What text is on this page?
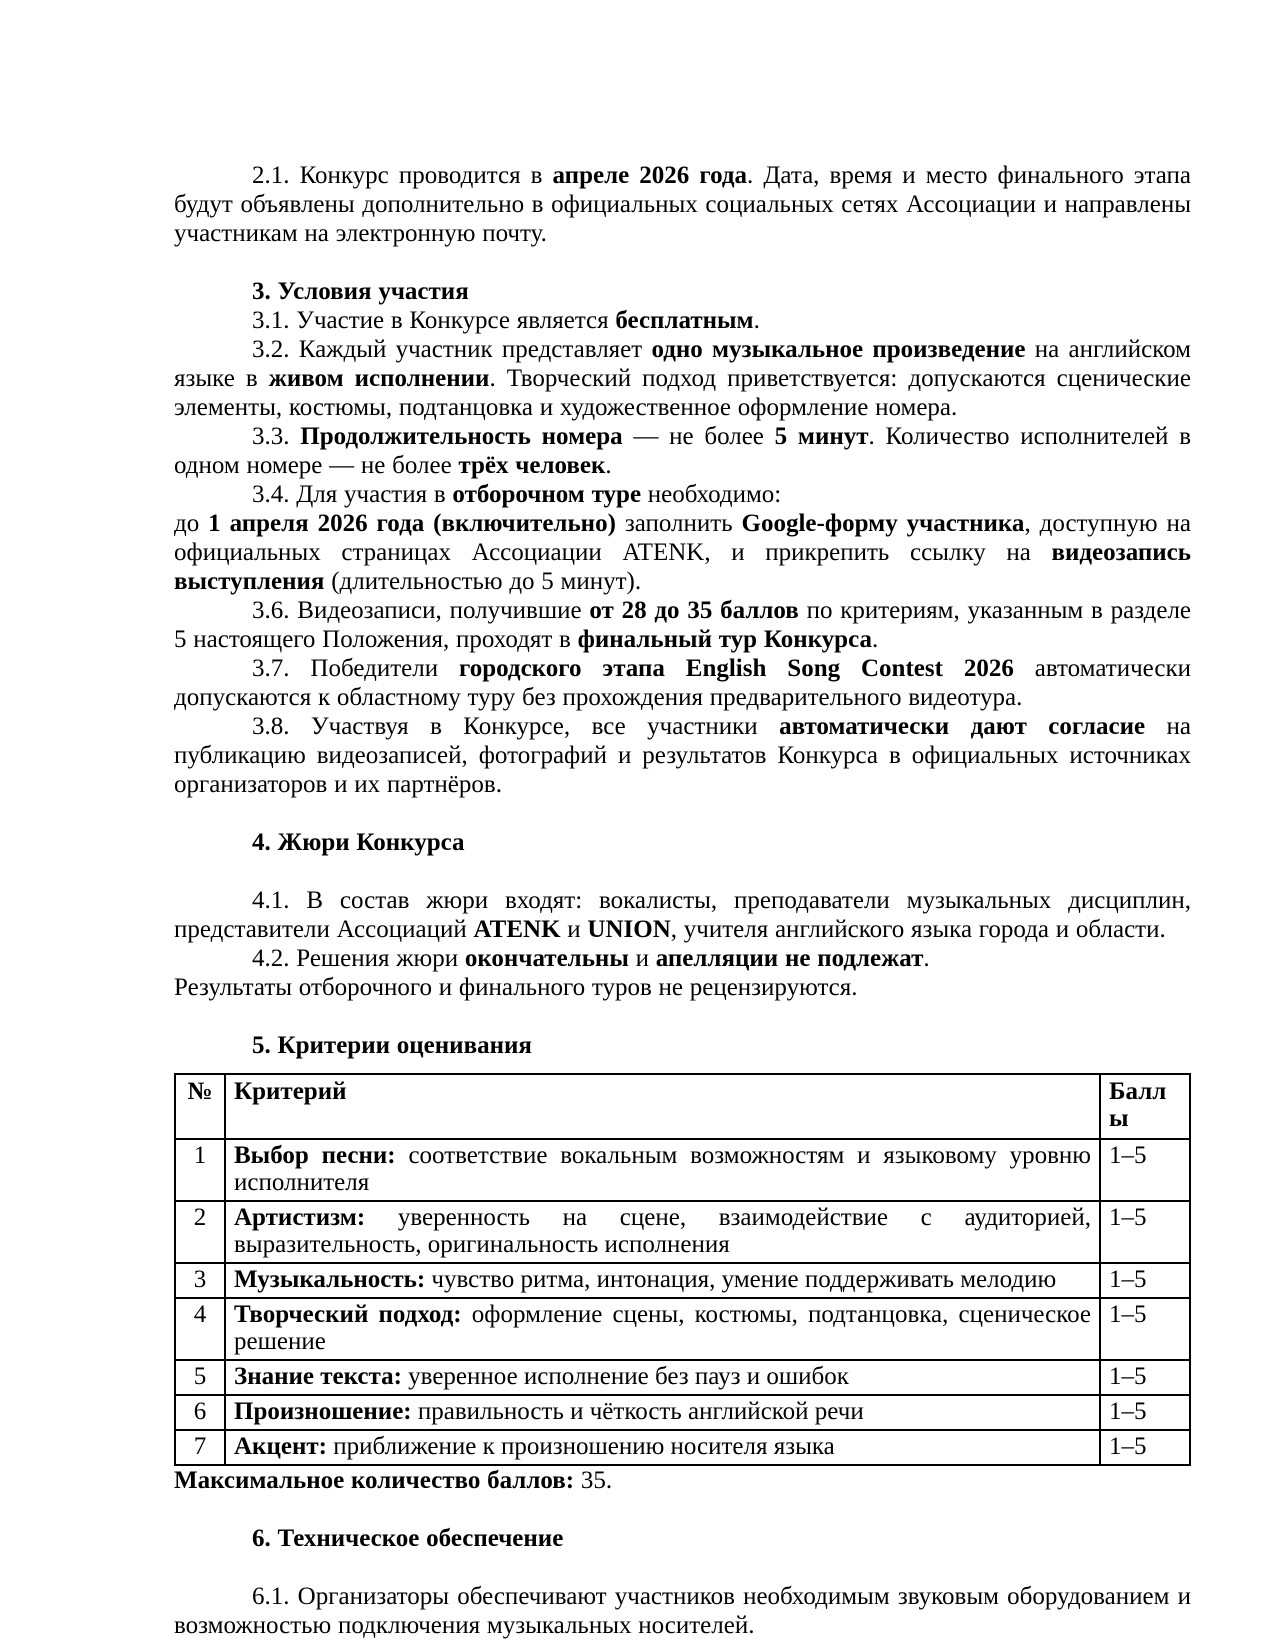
2.1. Конкурс проводится в апреле 2026 года. Дата, время и место финального этапа будут объявлены дополнительно в официальных социальных сетях Ассоциации и направлены участникам на электронную почту.

3. Условия участия

3.1. Участие в Конкурсе является бесплатным.

3.2. Каждый участник представляет одно музыкальное произведение на английском языке в живом исполнении. Творческий подход приветствуется: допускаются сценические элементы, костюмы, подтанцовка и художественное оформление номера.

3.3. Продолжительность номера — не более 5 минут. Количество исполнителей в одном номере — не более трёх человек.

3.4. Для участия в отборочном туре необходимо:

до 1 апреля 2026 года (включительно) заполнить Google-форму участника, доступную на официальных страницах Ассоциации ATENK, и прикрепить ссылку на видеозапись выступления (длительностью до 5 минут).

3.6. Видеозаписи, получившие от 28 до 35 баллов по критериям, указанным в разделе 5 настоящего Положения, проходят в финальный тур Конкурса.

3.7. Победители городского этапа English Song Contest 2026 автоматически допускаются к областному туру без прохождения предварительного видеотура.

3.8. Участвуя в Конкурсе, все участники автоматически дают согласие на публикацию видеозаписей, фотографий и результатов Конкурса в официальных источниках организаторов и их партнёров.

4. Жюри Конкурса

4.1. В состав жюри входят: вокалисты, преподаватели музыкальных дисциплин, представители Ассоциаций ATENK и UNION, учителя английского языка города и области.

4.2. Решения жюри окончательны и апелляции не подлежат.

Результаты отборочного и финального туров не рецензируются.

5. Критерии оценивания

№	Критерий	Баллы
1	Выбор песни: соответствие вокальным возможностям и языковому уровню исполнителя	1–5
2	Артистизм: уверенность на сцене, взаимодействие с аудиторией, выразительность, оригинальность исполнения	1–5
3	Музыкальность: чувство ритма, интонация, умение поддерживать мелодию	1–5
4	Творческий подход: оформление сцены, костюмы, подтанцовка, сценическое решение	1–5
5	Знание текста: уверенное исполнение без пауз и ошибок	1–5
6	Произношение: правильность и чёткость английской речи	1–5
7	Акцент: приближение к произношению носителя языка	1–5

Максимальное количество баллов: 35.

6. Техническое обеспечение

6.1. Организаторы обеспечивают участников необходимым звуковым оборудованием и возможностью подключения музыкальных носителей.
